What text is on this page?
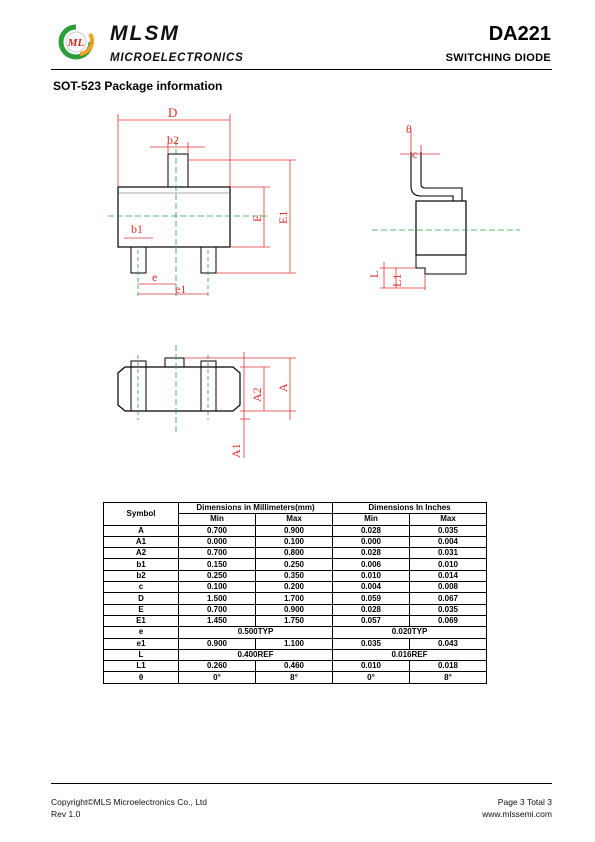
ML MLSM
MICROELECTRONICS
DA221
SWITCHING DIODE
SOT-523 Package information
D
b2
b1
e
e1
E E1
θ
c
L L1
A
A2
A1
Symbol	Dimensions in Millimeters(mm)		Dimensions In Inches	
	Min	Max	Min	Max
A	0.700	0.900	0.028	0.035
A1	0.000	0.100	0.000	0.004
A2	0.700	0.800	0.028	0.031
b1	0.150	0.250	0.006	0.010
b2	0.250	0.350	0.010	0.014
c	0.100	0.200	0.004	0.008
D	1.500	1.700	0.059	0.067
E	0.700	0.900	0.028	0.035
E1	1.450	1.750	0.057	0.069
e	0.500TYP		0.020TYP	
e1	0.900	1.100	0.035	0.043
L	0.400REF		0.016REF	
L1	0.260	0.460	0.010	0.018
θ	0°	8°	0°	8°
Copyright©MLS Microelectronics Co., Ltd
Rev 1.0
Page 3 Total 3
www.mlssemi.com
